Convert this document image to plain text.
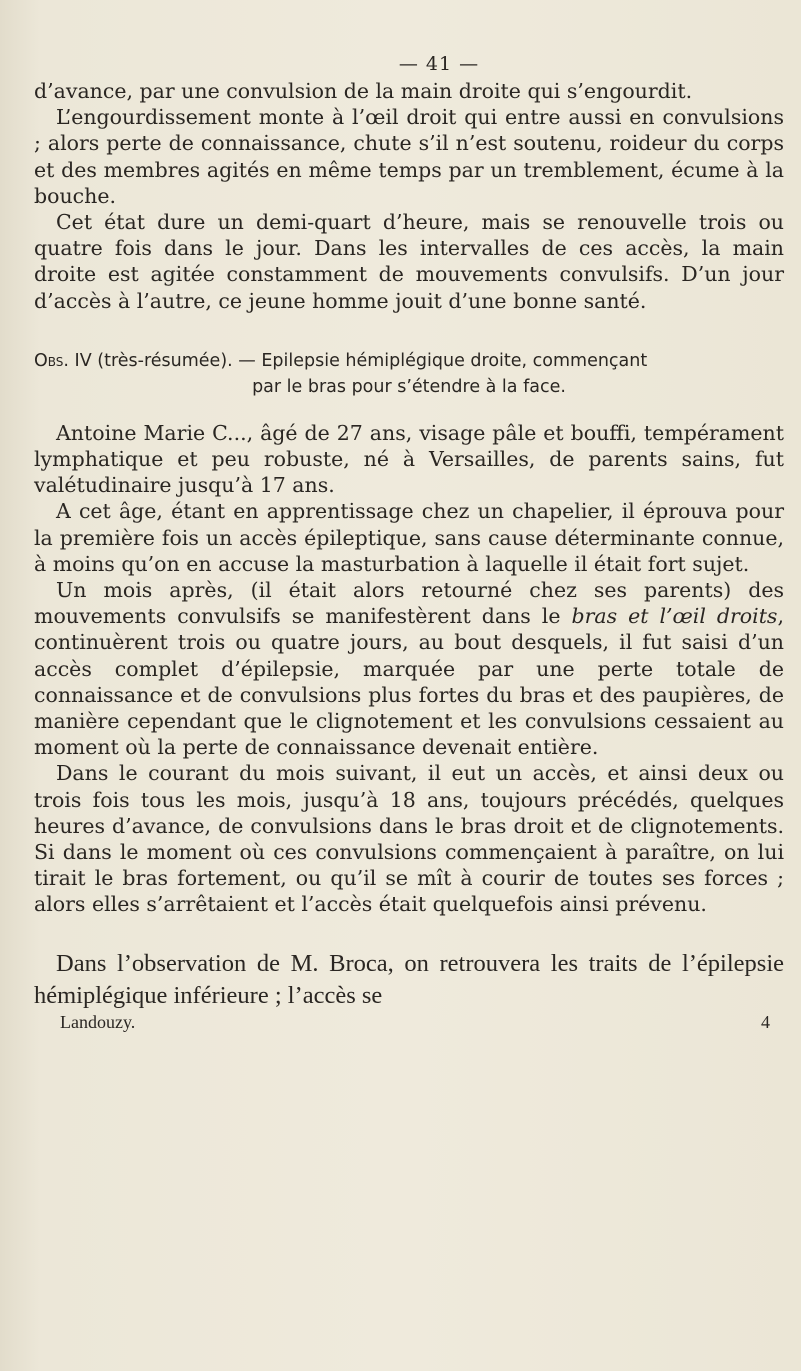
— 41 —

d’avance, par une convulsion de la main droite qui s’engourdit.

L’engourdissement monte à l’œil droit qui entre aussi en convulsions ; alors perte de connaissance, chute s’il n’est soutenu, roideur du corps et des membres agités en même temps par un tremblement, écume à la bouche.

Cet état dure un demi-quart d’heure, mais se renouvelle trois ou quatre fois dans le jour. Dans les intervalles de ces accès, la main droite est agitée constamment de mouvements convulsifs. D’un jour d’accès à l’autre, ce jeune homme jouit d’une bonne santé.

Obs. IV (très-résumée). — Epilepsie hémiplégique droite, commençant
par le bras pour s’étendre à la face.

Antoine Marie C..., âgé de 27 ans, visage pâle et bouffi, tempérament lymphatique et peu robuste, né à Versailles, de parents sains, fut valétudinaire jusqu’à 17 ans.

A cet âge, étant en apprentissage chez un chapelier, il éprouva pour la première fois un accès épileptique, sans cause déterminante connue, à moins qu’on en accuse la masturbation à laquelle il était fort sujet.

Un mois après, (il était alors retourné chez ses parents) des mouvements convulsifs se manifestèrent dans le bras et l’œil droits, continuèrent trois ou quatre jours, au bout desquels, il fut saisi d’un accès complet d’épilepsie, marquée par une perte totale de connaissance et de convulsions plus fortes du bras et des paupières, de manière cependant que le clignotement et les convulsions cessaient au moment où la perte de connaissance devenait entière.

Dans le courant du mois suivant, il eut un accès, et ainsi deux ou trois fois tous les mois, jusqu’à 18 ans, toujours précédés, quelques heures d’avance, de convulsions dans le bras droit et de clignotements. Si dans le moment où ces convulsions commençaient à paraître, on lui tirait le bras fortement, ou qu’il se mît à courir de toutes ses forces ; alors elles s’arrêtaient et l’accès était quelquefois ainsi prévenu.

Dans l’observation de M. Broca, on retrouvera les traits de l’épilepsie hémiplégique inférieure ; l’accès se

Landouzy.	4
